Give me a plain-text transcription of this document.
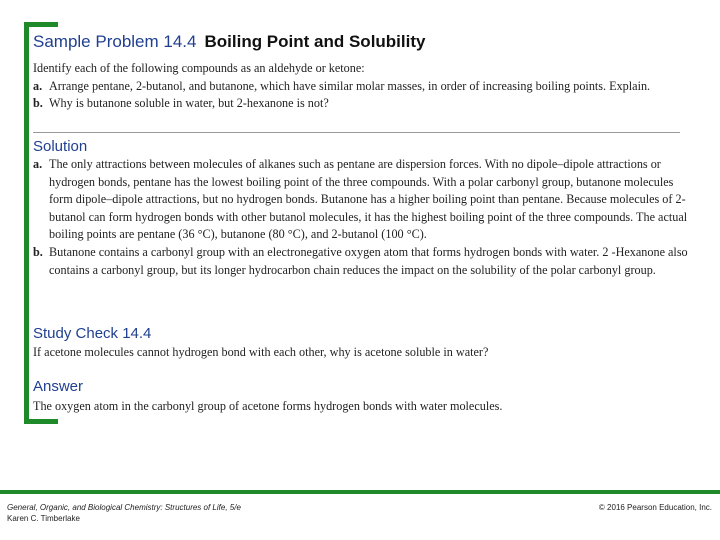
Sample Problem 14.4 Boiling Point and Solubility
Identify each of the following compounds as an aldehyde or ketone:
a. Arrange pentane, 2-butanol, and butanone, which have similar molar masses, in order of increasing boiling points. Explain.
b. Why is butanone soluble in water, but 2-hexanone is not?
Solution
a. The only attractions between molecules of alkanes such as pentane are dispersion forces. With no dipole–dipole attractions or hydrogen bonds, pentane has the lowest boiling point of the three compounds. With a polar carbonyl group, butanone molecules form dipole–dipole attractions, but no hydrogen bonds. Butanone has a higher boiling point than pentane. Because molecules of 2-butanol can form hydrogen bonds with other butanol molecules, it has the highest boiling point of the three compounds. The actual boiling points are pentane (36 °C), butanone (80 °C), and 2-butanol (100 °C).
b. Butanone contains a carbonyl group with an electronegative oxygen atom that forms hydrogen bonds with water. 2 -Hexanone also contains a carbonyl group, but its longer hydrocarbon chain reduces the impact on the solubility of the polar carbonyl group.
Study Check 14.4
If acetone molecules cannot hydrogen bond with each other, why is acetone soluble in water?
Answer
The oxygen atom in the carbonyl group of acetone forms hydrogen bonds with water molecules.
General, Organic, and Biological Chemistry: Structures of Life, 5/e
Karen C. Timberlake
© 2016 Pearson Education, Inc.
